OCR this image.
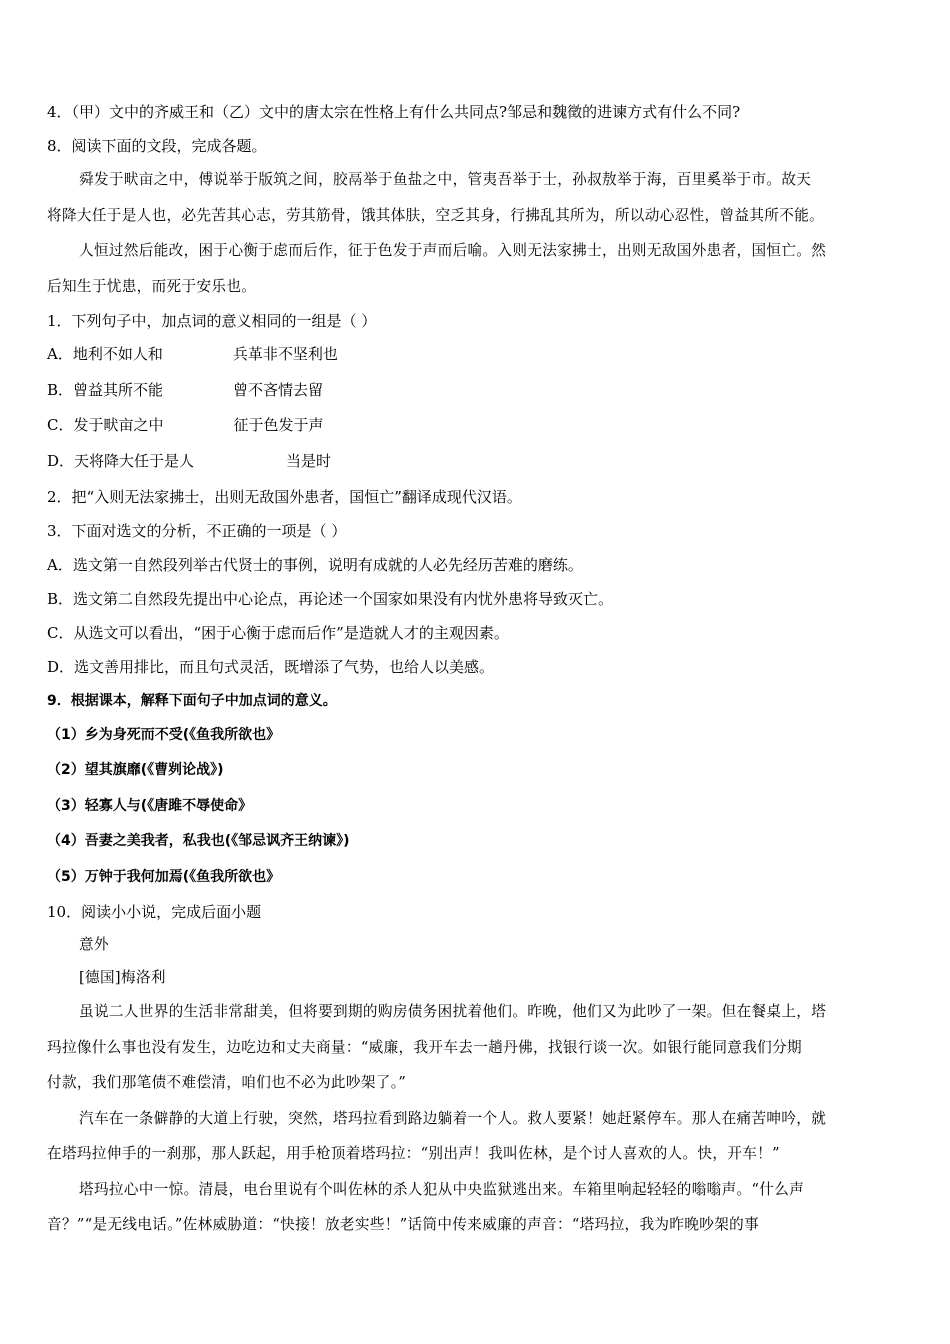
4．（甲）文中的齐威王和（乙）文中的唐太宗在性格上有什么共同点?邹忌和魏徵的进谏方式有什么不同?
8．阅读下面的文段，完成各题。
舜发于畎亩之中，傅说举于版筑之间，胶鬲举于鱼盐之中，管夷吾举于士，孙叔敖举于海，百里奚举于市。故天
将降大任于是人也，必先苦其心志，劳其筋骨，饿其体肤，空乏其身，行拂乱其所为，所以动心忍性，曾益其所不能。
人恒过然后能改，困于心衡于虑而后作，征于色发于声而后喻。入则无法家拂士，出则无敌国外患者，国恒亡。然
后知生于忧患，而死于安乐也。
1．下列句子中，加点词的意义相同的一组是（ ）
A．地利不如人和	兵革非不坚利也
B．曾益其所不能	曾不吝情去留
C．发于畎亩之中	征于色发于声
D．天将降大任于是人	当是时
2．把“入则无法家拂士，出则无敌国外患者，国恒亡”翻译成现代汉语。
3．下面对选文的分析，不正确的一项是（ ）
A．选文第一自然段列举古代贤士的事例，说明有成就的人必先经历苦难的磨练。
B．选文第二自然段先提出中心论点，再论述一个国家如果没有内忧外患将导致灭亡。
C．从选文可以看出，“困于心衡于虑而后作”是造就人才的主观因素。
D．选文善用排比，而且句式灵活，既增添了气势，也给人以美感。
9．根据课本，解释下面句子中加点词的意义。
（1）乡为身死而不受(《鱼我所欲也》
（2）望其旗靡(《曹刿论战》)
（3）轻寡人与(《唐雎不辱使命》
（4）吾妻之美我者，私我也(《邹忌讽齐王纳谏》)
（5）万钟于我何加焉(《鱼我所欲也》
10．阅读小小说，完成后面小题
意外
[德国]梅洛利
虽说二人世界的生活非常甜美，但将要到期的购房债务困扰着他们。昨晚，他们又为此吵了一架。但在餐桌上，塔
玛拉像什么事也没有发生，边吃边和丈夫商量：“威廉，我开车去一趟丹佛，找银行谈一次。如银行能同意我们分期
付款，我们那笔债不难偿清，咱们也不必为此吵架了。”
汽车在一条僻静的大道上行驶，突然，塔玛拉看到路边躺着一个人。救人要紧！她赶紧停车。那人在痛苦呻吟，就
在塔玛拉伸手的一刹那，那人跃起，用手枪顶着塔玛拉：“别出声！我叫佐林，是个讨人喜欢的人。快，开车！”
塔玛拉心中一惊。清晨，电台里说有个叫佐林的杀人犯从中央监狱逃出来。车箱里响起轻轻的嗡嗡声。“什么声
音？”“是无线电话。”佐林威胁道：“快接！放老实些！”话筒中传来威廉的声音：“塔玛拉，我为昨晚吵架的事
